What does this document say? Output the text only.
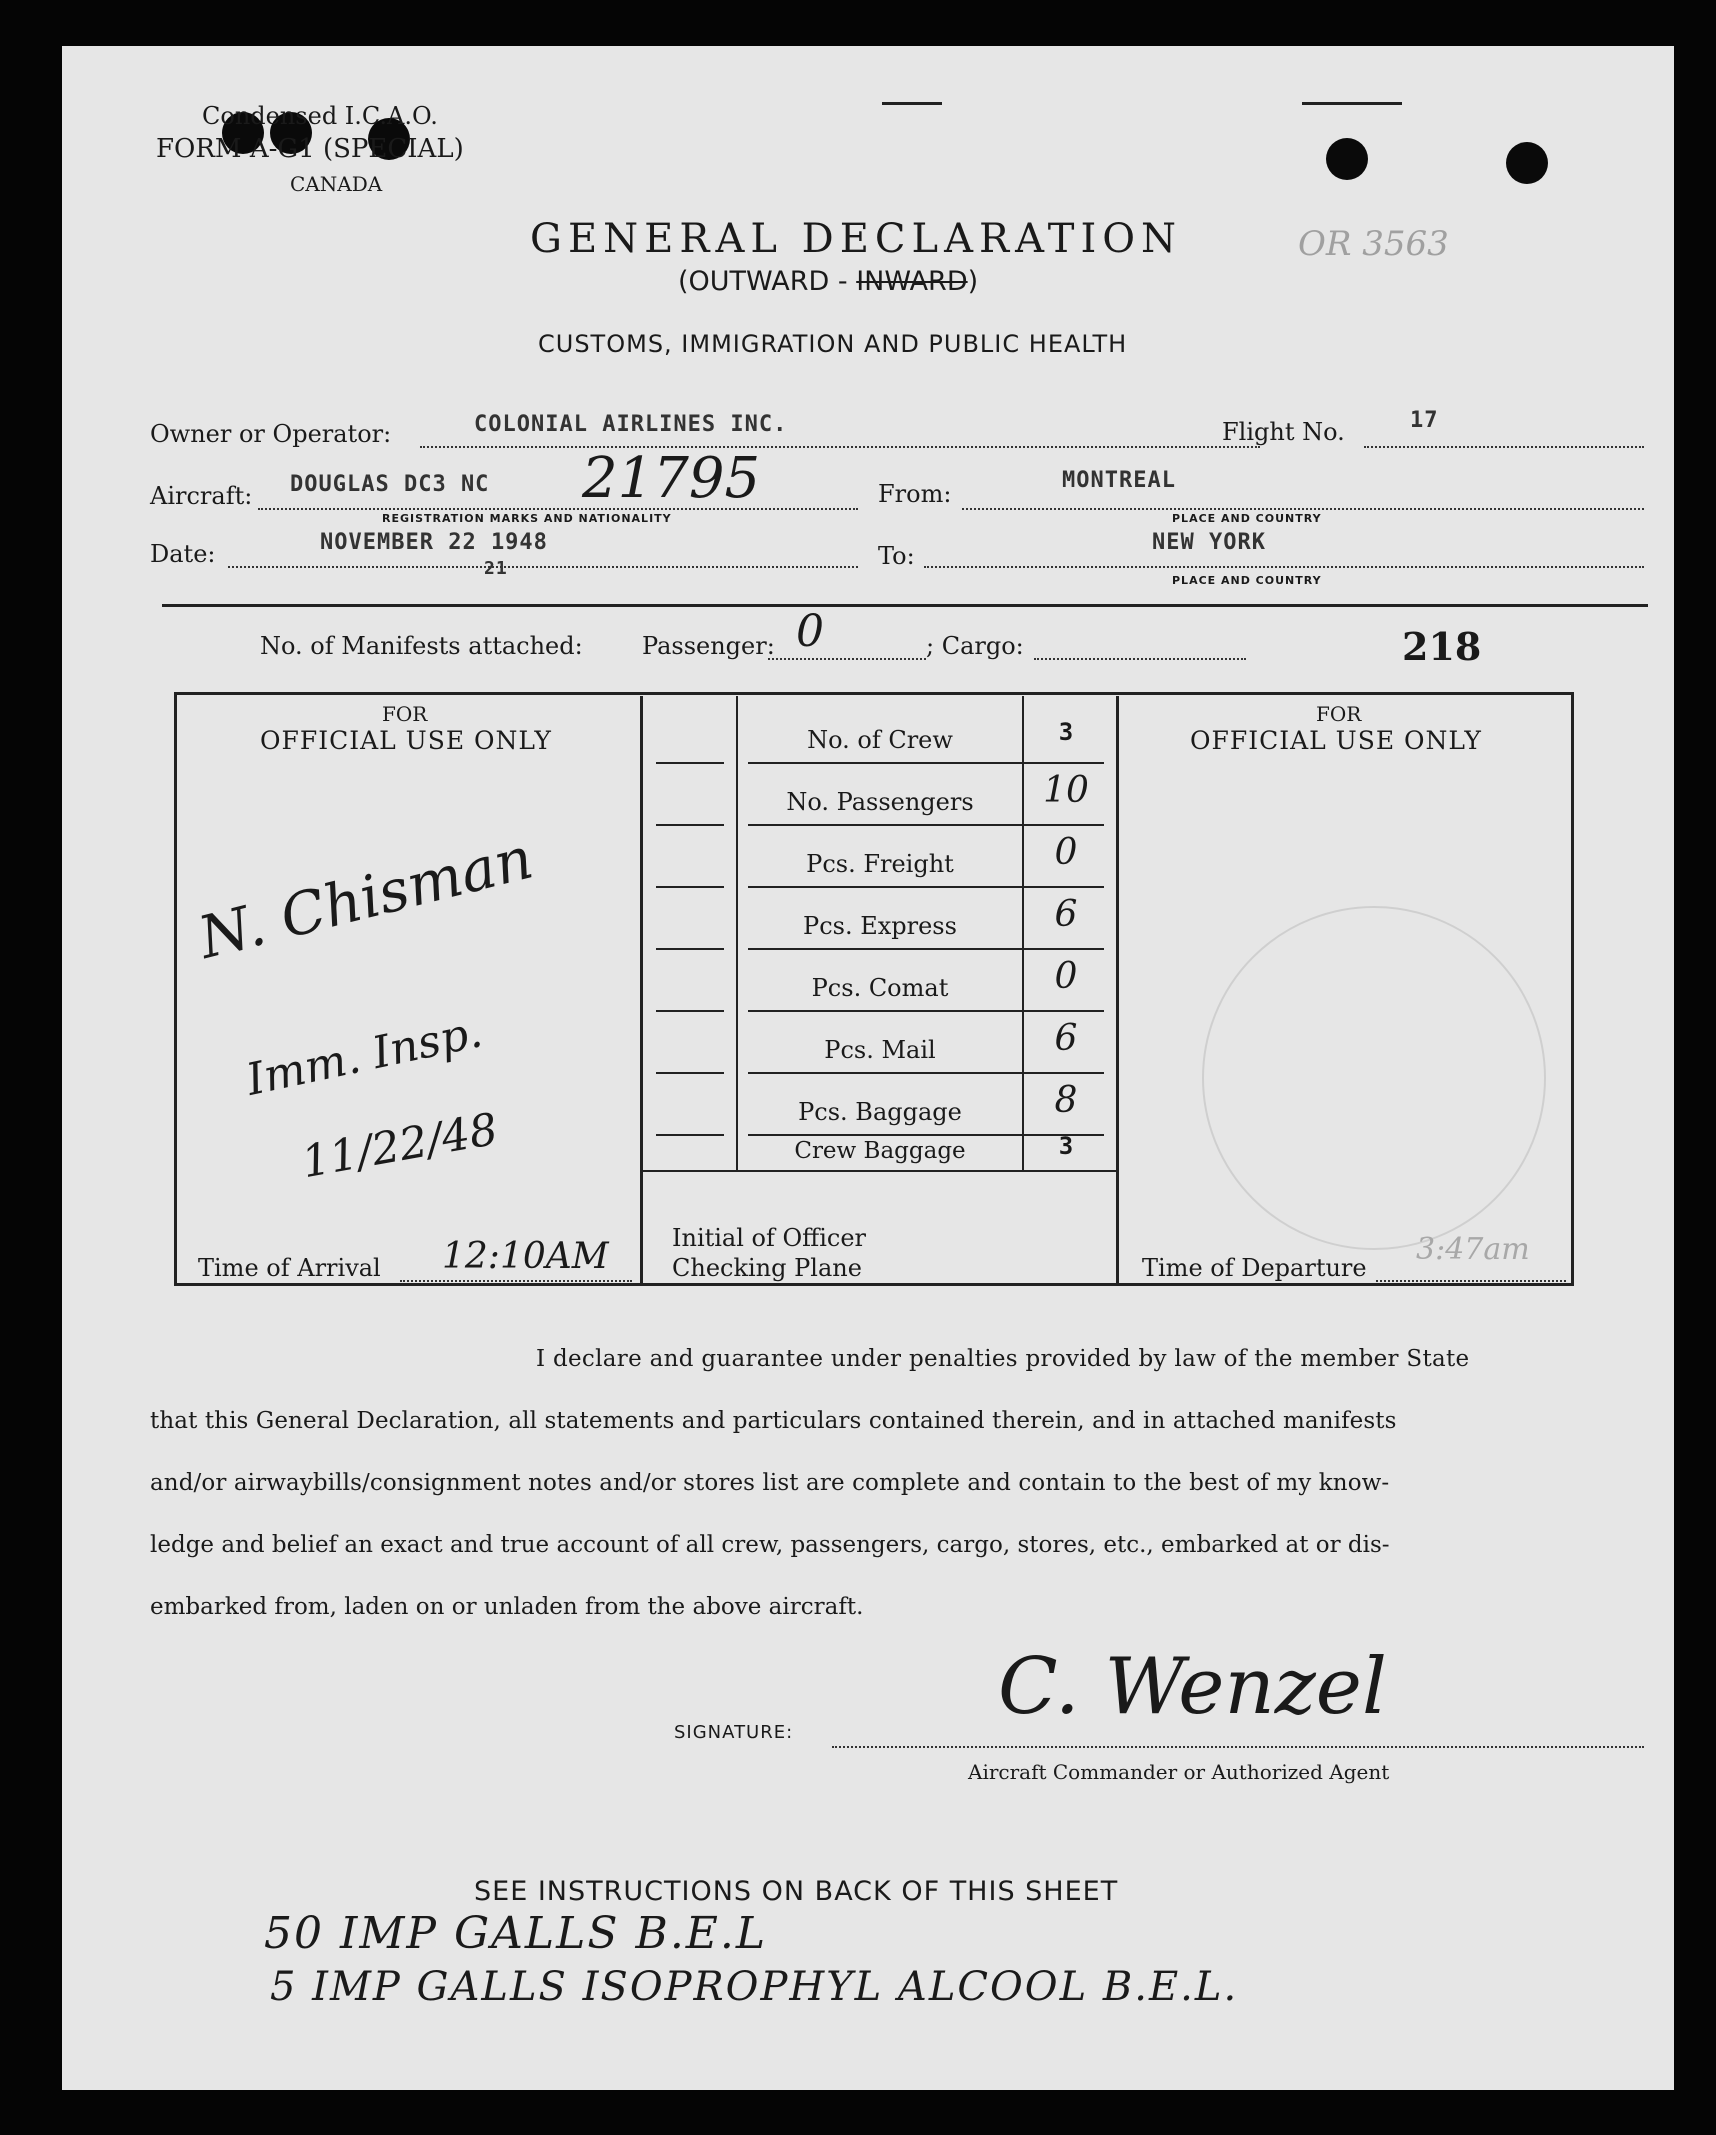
Condensed I.C.A.O.
FORM A-G1 (SPECIAL)
CANADA
OR 3563
GENERAL DECLARATION
(OUTWARD - INWARD)
CUSTOMS, IMMIGRATION AND PUBLIC HEALTH
Owner or Operator:	COLONIAL AIRLINES INC.	Flight No.	17
Aircraft: DOUGLAS DC3 NC 21795
REGISTRATION MARKS AND NATIONALITY
From:	MONTREAL
PLACE AND COUNTRY
Date:	NOVEMBER 22 1948
21	To:	NEW YORK
PLACE AND COUNTRY
No. of Manifests attached: Passenger: 0	; Cargo:	218
FOR
OFFICIAL USE ONLY
N. Chisman
Imm. Insp.
11/22/48
Time of Arrival 12:10AM
FOR
OFFICIAL USE ONLY
Time of Departure
3:47am
No. of Crew	3
No. Passengers	10
Pcs. Freight	0
Pcs. Express	6
Pcs. Comat	0
Pcs. Mail	6
Pcs. Baggage	8
Crew Baggage	3
Initial of Officer
Checking Plane
I declare and guarantee under penalties provided by law of the member State
that this General Declaration, all statements and particulars contained therein, and in attached manifests
and/or airwaybills/consignment notes and/or stores list are complete and contain to the best of my know-
ledge and belief an exact and true account of all crew, passengers, cargo, stores, etc., embarked at or dis-
embarked from, laden on or unladen from the above aircraft.
SIGNATURE:
C. Wenzel
Aircraft Commander or Authorized Agent
SEE INSTRUCTIONS ON BACK OF THIS SHEET
50 IMP GALLS B.E.L
5 IMP GALLS ISOPROPHYL ALCOOL B.E.L.
